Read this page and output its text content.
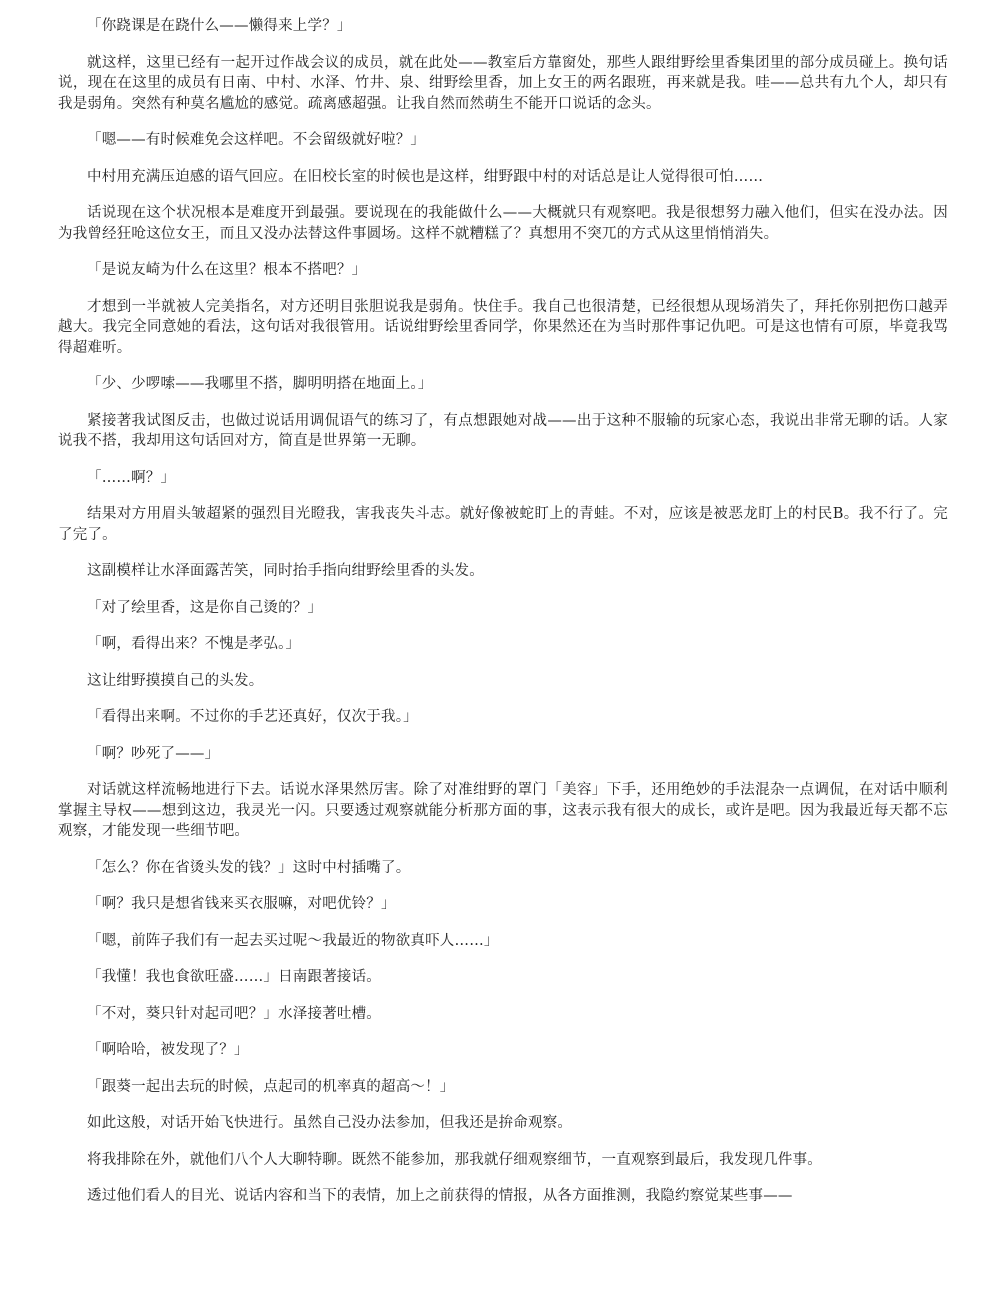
「你跷课是在跷什么——懒得来上学？」

就这样，这里已经有一起开过作战会议的成员，就在此处——教室后方靠窗处，那些人跟绀野绘里香集团里的部分成员碰上。换句话说，现在在这里的成员有日南、中村、水泽、竹井、泉、绀野绘里香，加上女王的两名跟班，再来就是我。哇——总共有九个人，却只有我是弱角。突然有种莫名尴尬的感觉。疏离感超强。让我自然而然萌生不能开口说话的念头。

「嗯——有时候难免会这样吧。不会留级就好啦？」

中村用充满压迫感的语气回应。在旧校长室的时候也是这样，绀野跟中村的对话总是让人觉得很可怕……

话说现在这个状况根本是难度开到最强。要说现在的我能做什么——大概就只有观察吧。我是很想努力融入他们，但实在没办法。因为我曾经狂呛这位女王，而且又没办法替这件事圆场。这样不就糟糕了？真想用不突兀的方式从这里悄悄消失。

「是说友崎为什么在这里？根本不搭吧？」

才想到一半就被人完美指名，对方还明目张胆说我是弱角。快住手。我自己也很清楚，已经很想从现场消失了，拜托你别把伤口越弄越大。我完全同意她的看法，这句话对我很管用。话说绀野绘里香同学，你果然还在为当时那件事记仇吧。可是这也情有可原，毕竟我骂得超难听。

「少、少啰嗦——我哪里不搭，脚明明搭在地面上。」

紧接著我试图反击，也做过说话用调侃语气的练习了，有点想跟她对战——出于这种不服输的玩家心态，我说出非常无聊的话。人家说我不搭，我却用这句话回对方，简直是世界第一无聊。

「……啊？」

结果对方用眉头皱超紧的强烈目光瞪我，害我丧失斗志。就好像被蛇盯上的青蛙。不对，应该是被恶龙盯上的村民B。我不行了。完了完了。

这副模样让水泽面露苦笑，同时抬手指向绀野绘里香的头发。

「对了绘里香，这是你自己烫的？」

「啊，看得出来？不愧是孝弘。」

这让绀野摸摸自己的头发。

「看得出来啊。不过你的手艺还真好，仅次于我。」

「啊？吵死了——」

对话就这样流畅地进行下去。话说水泽果然厉害。除了对准绀野的罩门「美容」下手，还用绝妙的手法混杂一点调侃，在对话中顺利掌握主导权——想到这边，我灵光一闪。只要透过观察就能分析那方面的事，这表示我有很大的成长，或许是吧。因为我最近每天都不忘观察，才能发现一些细节吧。

「怎么？你在省烫头发的钱？」这时中村插嘴了。

「啊？我只是想省钱来买衣服嘛，对吧优铃？」

「嗯，前阵子我们有一起去买过呢～我最近的物欲真吓人……」

「我懂！我也食欲旺盛……」日南跟著接话。

「不对，葵只针对起司吧？」水泽接著吐槽。

「啊哈哈，被发现了？」

「跟葵一起出去玩的时候，点起司的机率真的超高～！」

如此这般，对话开始飞快进行。虽然自己没办法参加，但我还是拚命观察。

将我排除在外，就他们八个人大聊特聊。既然不能参加，那我就仔细观察细节，一直观察到最后，我发现几件事。

透过他们看人的目光、说话内容和当下的表情，加上之前获得的情报，从各方面推测，我隐约察觉某些事——
